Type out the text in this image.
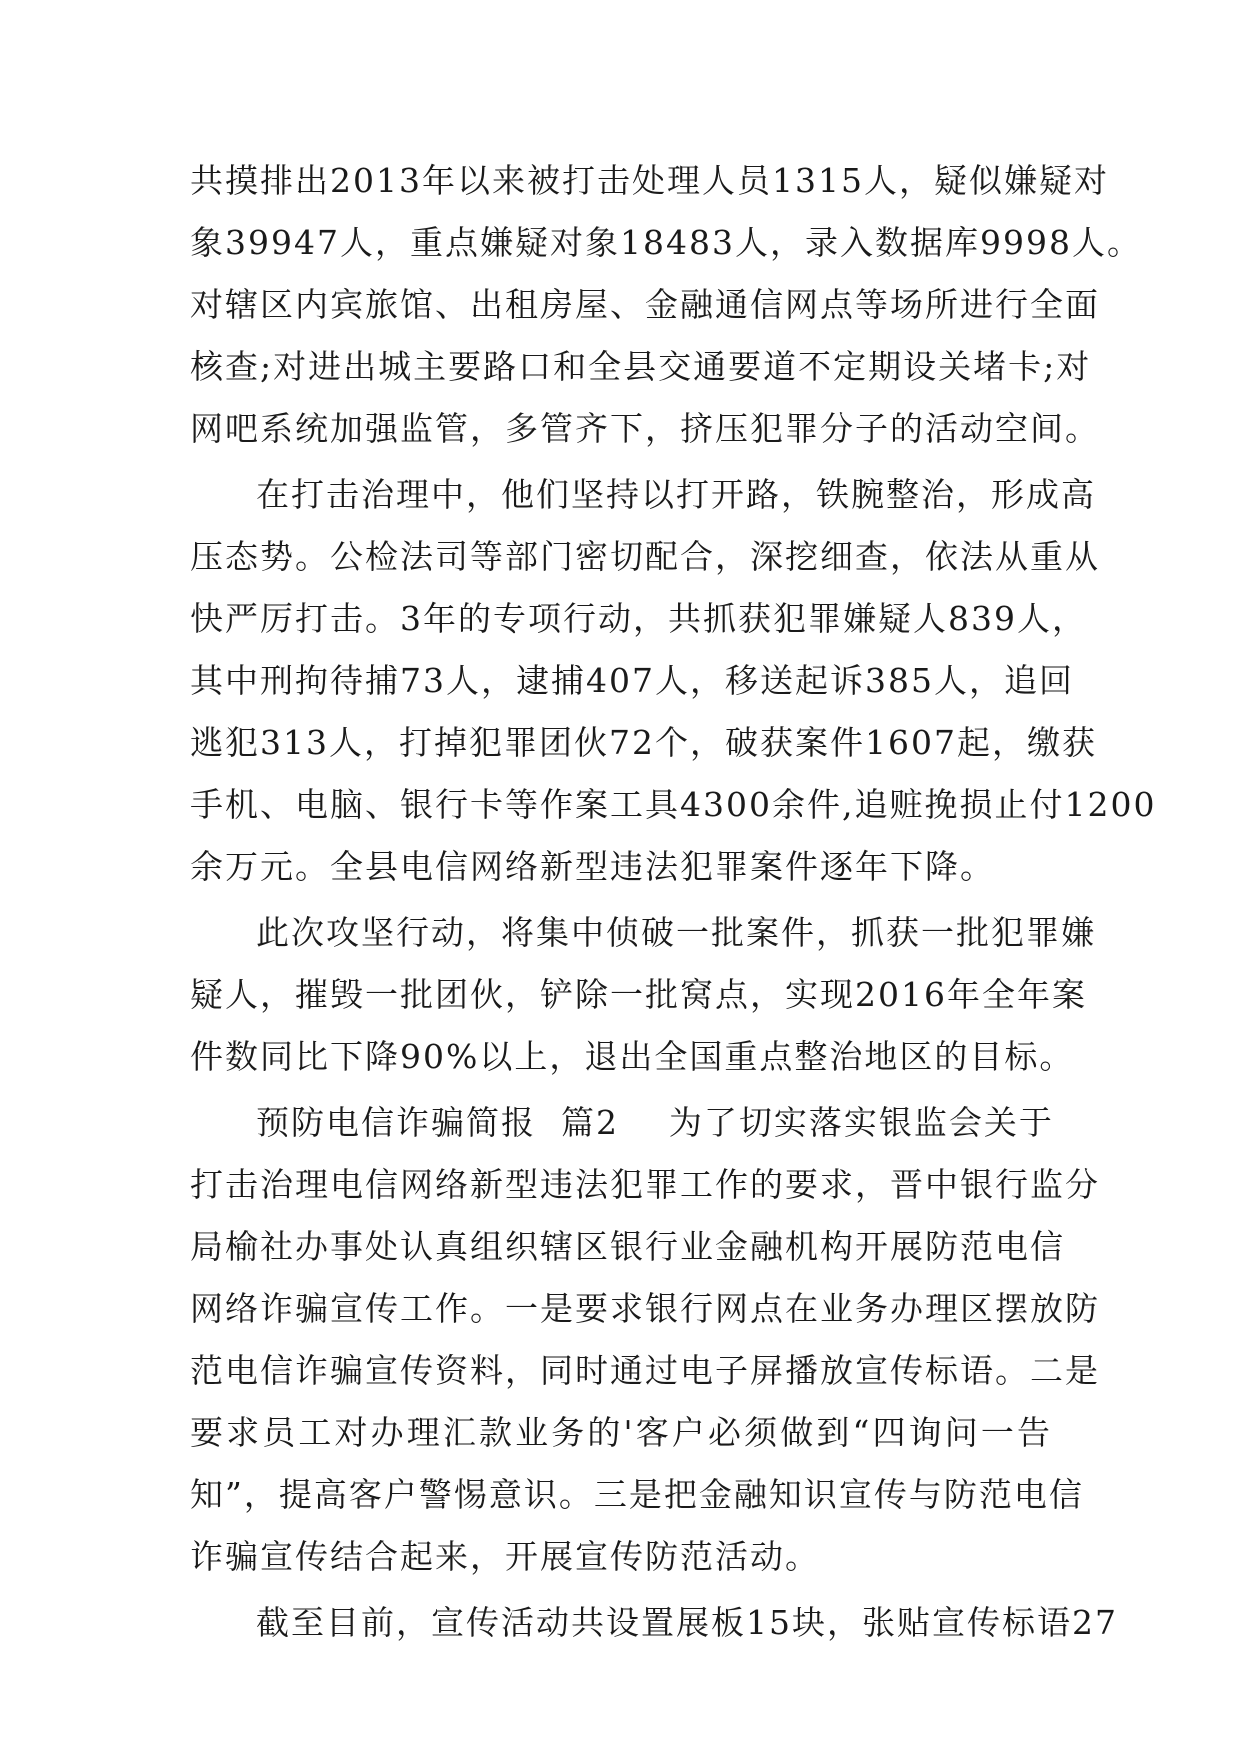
共摸排出2013年以来被打击处理人员1315人，疑似嫌疑对
象39947人，重点嫌疑对象18483人，录入数据库9998人。
对辖区内宾旅馆、出租房屋、金融通信网点等场所进行全面
核查;对进出城主要路口和全县交通要道不定期设关堵卡;对
网吧系统加强监管，多管齐下，挤压犯罪分子的活动空间。
在打击治理中，他们坚持以打开路，铁腕整治，形成高
压态势。公检法司等部门密切配合，深挖细查，依法从重从
快严厉打击。3年的专项行动，共抓获犯罪嫌疑人839人，
其中刑拘待捕73人，逮捕407人，移送起诉385人，追回
逃犯313人，打掉犯罪团伙72个，破获案件1607起，缴获
手机、电脑、银行卡等作案工具4300余件,追赃挽损止付1200
余万元。全县电信网络新型违法犯罪案件逐年下降。
此次攻坚行动，将集中侦破一批案件，抓获一批犯罪嫌
疑人，摧毁一批团伙，铲除一批窝点，实现2016年全年案
件数同比下降90%以上，退出全国重点整治地区的目标。
预防电信诈骗简报  篇2    为了切实落实银监会关于
打击治理电信网络新型违法犯罪工作的要求，晋中银行监分
局榆社办事处认真组织辖区银行业金融机构开展防范电信
网络诈骗宣传工作。一是要求银行网点在业务办理区摆放防
范电信诈骗宣传资料，同时通过电子屏播放宣传标语。二是
要求员工对办理汇款业务的'客户必须做到“四询问一告
知”，提高客户警惕意识。三是把金融知识宣传与防范电信
诈骗宣传结合起来，开展宣传防范活动。
截至目前，宣传活动共设置展板15块，张贴宣传标语27
